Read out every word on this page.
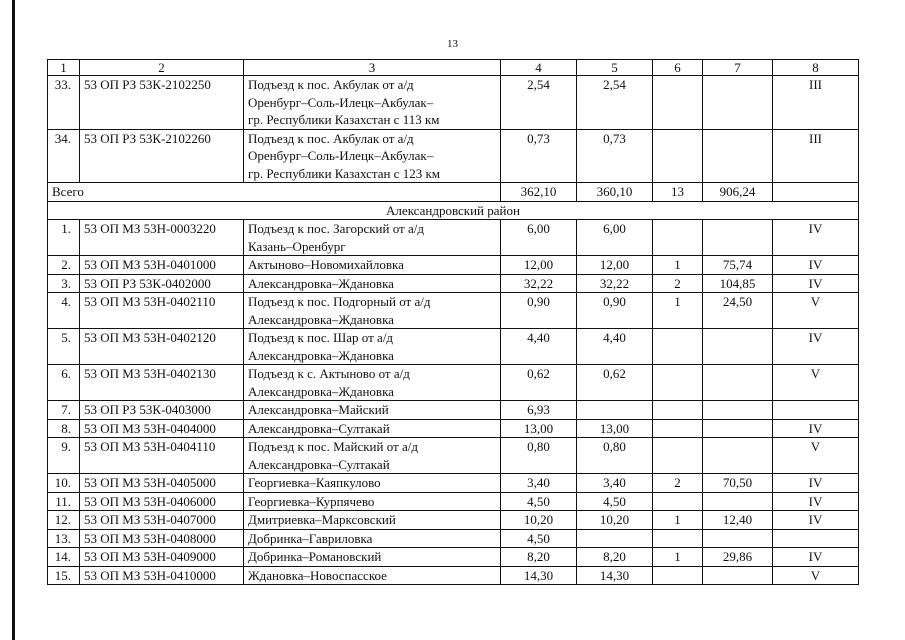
13
1	2	3	4	5	6	7	8
33.	53 ОП РЗ 53К-2102250	Подъезд к пос. Акбулак от а/д
Оренбург–Соль-Илецк–Акбулак–
гр. Республики Казахстан с 113 км	2,54	2,54			III
34.	53 ОП РЗ 53К-2102260	Подъезд к пос. Акбулак от а/д
Оренбург–Соль-Илецк–Акбулак–
гр. Республики Казахстан с 123 км	0,73	0,73			III
Всего			362,10	360,10	13	906,24	
Александровский район							
1.	53 ОП МЗ 53Н-0003220	Подъезд к пос. Загорский от а/д
Казань–Оренбург	6,00	6,00			IV
2.	53 ОП МЗ 53Н-0401000	Актыново–Новомихайловка	12,00	12,00	1	75,74	IV
3.	53 ОП РЗ 53К-0402000	Александровка–Ждановка	32,22	32,22	2	104,85	IV
4.	53 ОП МЗ 53Н-0402110	Подъезд к пос. Подгорный от а/д
Александровка–Ждановка	0,90	0,90	1	24,50	V
5.	53 ОП МЗ 53Н-0402120	Подъезд к пос. Шар от а/д
Александровка–Ждановка	4,40	4,40			IV
6.	53 ОП МЗ 53Н-0402130	Подъезд к с. Актыново от а/д
Александровка–Ждановка	0,62	0,62			V
7.	53 ОП РЗ 53К-0403000	Александровка–Майский	6,93				
8.	53 ОП МЗ 53Н-0404000	Александровка–Султакай	13,00	13,00			IV
9.	53 ОП МЗ 53Н-0404110	Подъезд к пос. Майский от а/д
Александровка–Султакай	0,80	0,80			V
10.	53 ОП МЗ 53Н-0405000	Георгиевка–Каяпкулово	3,40	3,40	2	70,50	IV
11.	53 ОП МЗ 53Н-0406000	Георгиевка–Курпячево	4,50	4,50			IV
12.	53 ОП МЗ 53Н-0407000	Дмитриевка–Марксовский	10,20	10,20	1	12,40	IV
13.	53 ОП МЗ 53Н-0408000	Добринка–Гавриловка	4,50				
14.	53 ОП МЗ 53Н-0409000	Добринка–Романовский	8,20	8,20	1	29,86	IV
15.	53 ОП МЗ 53Н-0410000	Ждановка–Новоспасское	14,30	14,30			V
